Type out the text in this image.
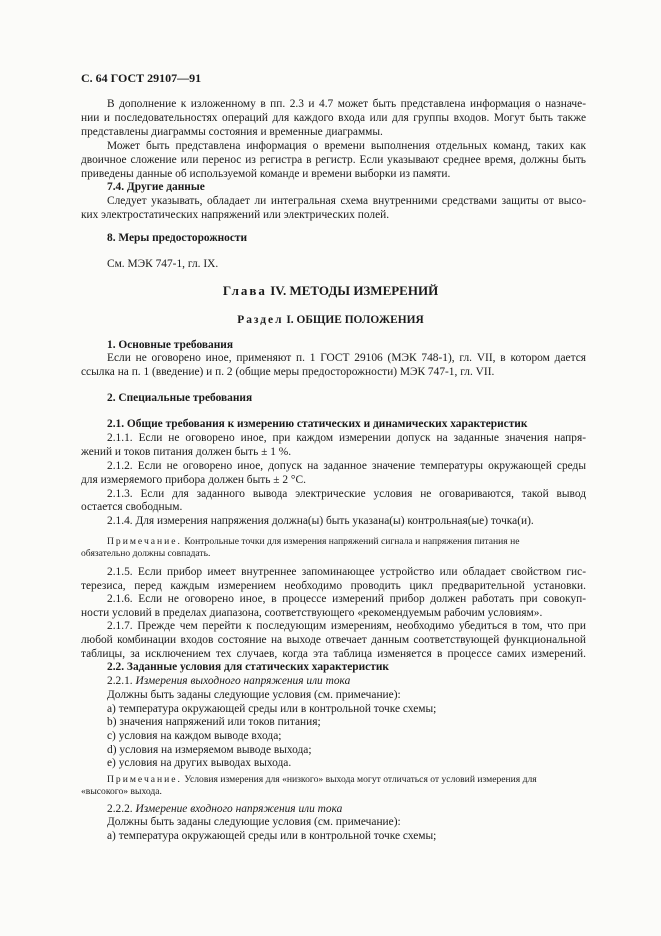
С. 64 ГОСТ 29107—91
В дополнение к изложенному в пп. 2.3 и 4.7 может быть представлена информация о назначе-
нии и последовательностях операций для каждого входа или для группы входов. Могут быть также
представлены диаграммы состояния и временные диаграммы.
Может быть представлена информация о времени выполнения отдельных команд, таких как
двоичное сложение или перенос из регистра в регистр. Если указывают среднее время, должны быть
приведены данные об используемой команде и времени выборки из памяти.
7.4. Другие данные
Следует указывать, обладает ли интегральная схема внутренними средствами защиты от высо-
ких электростатических напряжений или электрических полей.
8. Меры предосторожности
См. МЭК 747-1, гл. IX.
Глава IV. МЕТОДЫ ИЗМЕРЕНИЙ
Раздел I. ОБЩИЕ ПОЛОЖЕНИЯ
1. Основные требования
Если не оговорено иное, применяют п. 1 ГОСТ 29106 (МЭК 748-1), гл. VII, в котором дается
ссылка на п. 1 (введение) и п. 2 (общие меры предосторожности) МЭК 747-1, гл. VII.
2. Специальные требования
2.1. Общие требования к измерению статических и динамических характеристик
2.1.1. Если не оговорено иное, при каждом измерении допуск на заданные значения напря-
жений и токов питания должен быть ± 1 %.
2.1.2. Если не оговорено иное, допуск на заданное значение температуры окружающей среды
для измеряемого прибора должен быть ± 2 °С.
2.1.3. Если для заданного вывода электрические условия не оговариваются, такой вывод
остается свободным.
2.1.4. Для измерения напряжения должна(ы) быть указана(ы) контрольная(ые) точка(и).
Примечание. Контрольные точки для измерения напряжений сигнала и напряжения питания не
обязательно должны совпадать.
2.1.5. Если прибор имеет внутреннее запоминающее устройство или обладает свойством гис-
терезиса, перед каждым измерением необходимо проводить цикл предварительной установки.
2.1.6. Если не оговорено иное, в процессе измерений прибор должен работать при совокуп-
ности условий в пределах диапазона, соответствующего «рекомендуемым рабочим условиям».
2.1.7. Прежде чем перейти к последующим измерениям, необходимо убедиться в том, что при
любой комбинации входов состояние на выходе отвечает данным соответствующей функциональной
таблицы, за исключением тех случаев, когда эта таблица изменяется в процессе самих измерений.
2.2. Заданные условия для статических характеристик
2.2.1. Измерения выходного напряжения или тока
Должны быть заданы следующие условия (см. примечание):
a) температура окружающей среды или в контрольной точке схемы;
b) значения напряжений или токов питания;
c) условия на каждом выводе входа;
d) условия на измеряемом выводе выхода;
e) условия на других выводах выхода.
Примечание. Условия измерения для «низкого» выхода могут отличаться от условий измерения для
«высокого» выхода.
2.2.2. Измерение входного напряжения или тока
Должны быть заданы следующие условия (см. примечание):
a) температура окружающей среды или в контрольной точке схемы;
